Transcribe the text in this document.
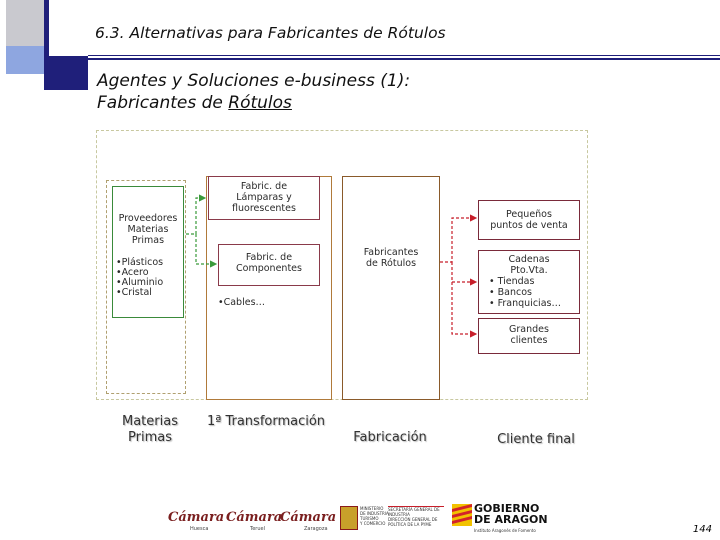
6.3. Alternativas para Fabricantes de Rótulos
Agentes y Soluciones e-business (1):
Fabricantes de Rótulos
Proveedores
Materias
Primas
•Plásticos
•Acero
•Aluminio
•Cristal
Fabric. de
Lámparas y
fluorescentes
Fabric. de
Componentes
•Cables…
Fabricantes
de Rótulos
Pequeños
puntos de venta
Cadenas
Pto.Vta.
• Tiendas
• Bancos
• Franquicias…
Grandes
clientes
Materias
Primas
1ª Transformación
Fabricación	Cliente final
Cámara
Huesca
Cámara
Teruel
Cámara
Zaragoza
MINISTERIO
DE INDUSTRIA
TURISMO
Y COMERCIO
SECRETARÍA GENERAL DE
INDUSTRIA
DIRECCIÓN GENERAL DE
POLÍTICA DE LA PYME
GOBIERNO
DE ARAGON
Instituto Aragonés de Fomento	144
